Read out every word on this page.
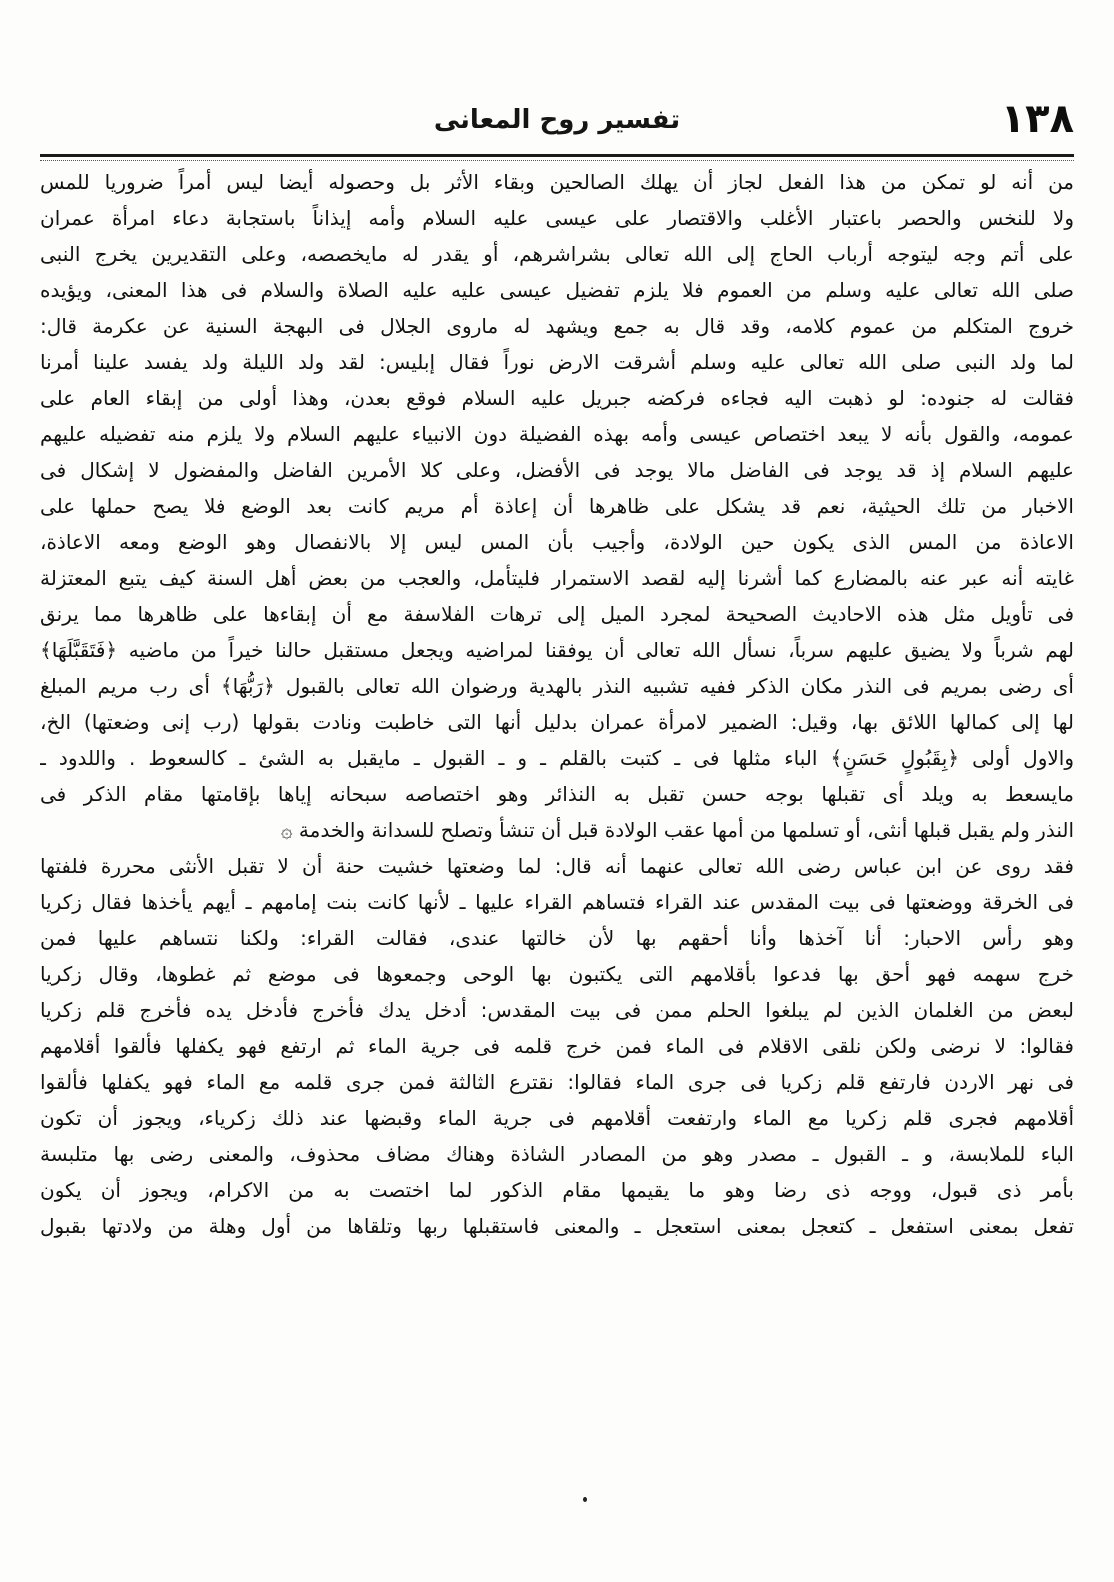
١٣٨
تفسير روح المعانى
من أنه لو تمكن من هذا الفعل لجاز أن يهلك الصالحين وبقاء الأثر بل وحصوله أيضا ليس أمراً ضروريا للمس
ولا للنخس والحصر باعتبار الأغلب والاقتصار على عيسى عليه السلام وأمه إيذاناً باستجابة دعاء امرأة عمران
على أتم وجه ليتوجه أرباب الحاج إلى الله تعالى بشراشرهم، أو يقدر له مايخصصه، وعلى التقديرين يخرج النبى
صلى الله تعالى عليه وسلم من العموم فلا يلزم تفضيل عيسى عليه عليه الصلاة والسلام فى هذا المعنى، ويؤيده
خروج المتكلم من عموم كلامه، وقد قال به جمع ويشهد له ماروى الجلال فى البهجة السنية عن عكرمة قال:
لما ولد النبى صلى الله تعالى عليه وسلم أشرقت الارض نوراً فقال إبليس: لقد ولد الليلة ولد يفسد علينا أمرنا
فقالت له جنوده: لو ذهبت اليه فجاءه فركضه جبريل عليه السلام فوقع بعدن، وهذا أولى من إبقاء العام على
عمومه، والقول بأنه لا يبعد اختصاص عيسى وأمه بهذه الفضيلة دون الانبياء عليهم السلام ولا يلزم منه تفضيله عليهم
عليهم السلام إذ قد يوجد فى الفاضل مالا يوجد فى الأفضل، وعلى كلا الأمرين الفاضل والمفضول لا إشكال فى
الاخبار من تلك الحيثية، نعم قد يشكل على ظاهرها أن إعاذة أم مريم كانت بعد الوضع فلا يصح حملها على
الاعاذة من المس الذى يكون حين الولادة، وأجيب بأن المس ليس إلا بالانفصال وهو الوضع ومعه الاعاذة،
غايته أنه عبر عنه بالمضارع كما أشرنا إليه لقصد الاستمرار فليتأمل، والعجب من بعض أهل السنة كيف يتبع المعتزلة
فى تأويل مثل هذه الاحاديث الصحيحة لمجرد الميل إلى ترهات الفلاسفة مع أن إبقاءها على ظاهرها مما يرنق
لهم شرباً ولا يضيق عليهم سرباً، نسأل الله تعالى أن يوفقنا لمراضيه ويجعل مستقبل حالنا خيراً من ماضيه ﴿فَتَقَبَّلَهَا﴾
أى رضى بمريم فى النذر مكان الذكر ففيه تشبيه النذر بالهدية ورضوان الله تعالى بالقبول ﴿رَبُّهَا﴾ أى رب مريم المبلغ
لها إلى كمالها اللائق بها، وقيل: الضمير لامرأة عمران بدليل أنها التى خاطبت ونادت بقولها (رب إنى وضعتها) الخ،
والاول أولى ﴿بِقَبُولٍ حَسَنٍ﴾ الباء مثلها فى ـ كتبت بالقلم ـ و ـ القبول ـ مايقبل به الشئ ـ كالسعوط . واللدود ـ
مايسعط به ويلد أى تقبلها بوجه حسن تقبل به النذائر وهو اختصاصه سبحانه إياها بإقامتها مقام الذكر فى
النذر ولم يقبل قبلها أنثى، أو تسلمها من أمها عقب الولادة قبل أن تنشأ وتصلح للسدانة والخدمة ۞
فقد روى عن ابن عباس رضى الله تعالى عنهما أنه قال: لما وضعتها خشيت حنة أن لا تقبل الأنثى محررة فلفتها
فى الخرقة ووضعتها فى بيت المقدس عند القراء فتساهم القراء عليها ـ لأنها كانت بنت إمامهم ـ أيهم يأخذها فقال زكريا
وهو رأس الاحبار: أنا آخذها وأنا أحقهم بها لأن خالتها عندى، فقالت القراء: ولكنا نتساهم عليها فمن
خرج سهمه فهو أحق بها فدعوا بأقلامهم التى يكتبون بها الوحى وجمعوها فى موضع ثم غطوها، وقال زكريا
لبعض من الغلمان الذين لم يبلغوا الحلم ممن فى بيت المقدس: أدخل يدك فأخرج فأدخل يده فأخرج قلم زكريا
فقالوا: لا نرضى ولكن نلقى الاقلام فى الماء فمن خرج قلمه فى جرية الماء ثم ارتفع فهو يكفلها فألقوا أقلامهم
فى نهر الاردن فارتفع قلم زكريا فى جرى الماء فقالوا: نقترع الثالثة فمن جرى قلمه مع الماء فهو يكفلها فألقوا
أقلامهم فجرى قلم زكريا مع الماء وارتفعت أقلامهم فى جرية الماء وقبضها عند ذلك زكرياء، ويجوز أن تكون
الباء للملابسة، و ـ القبول ـ مصدر وهو من المصادر الشاذة وهناك مضاف محذوف، والمعنى رضى بها متلبسة
بأمر ذى قبول، ووجه ذى رضا وهو ما يقيمها مقام الذكور لما اختصت به من الاكرام، ويجوز أن يكون
تفعل بمعنى استفعل ـ كتعجل بمعنى استعجل ـ والمعنى فاستقبلها ربها وتلقاها من أول وهلة من ولادتها بقبول
